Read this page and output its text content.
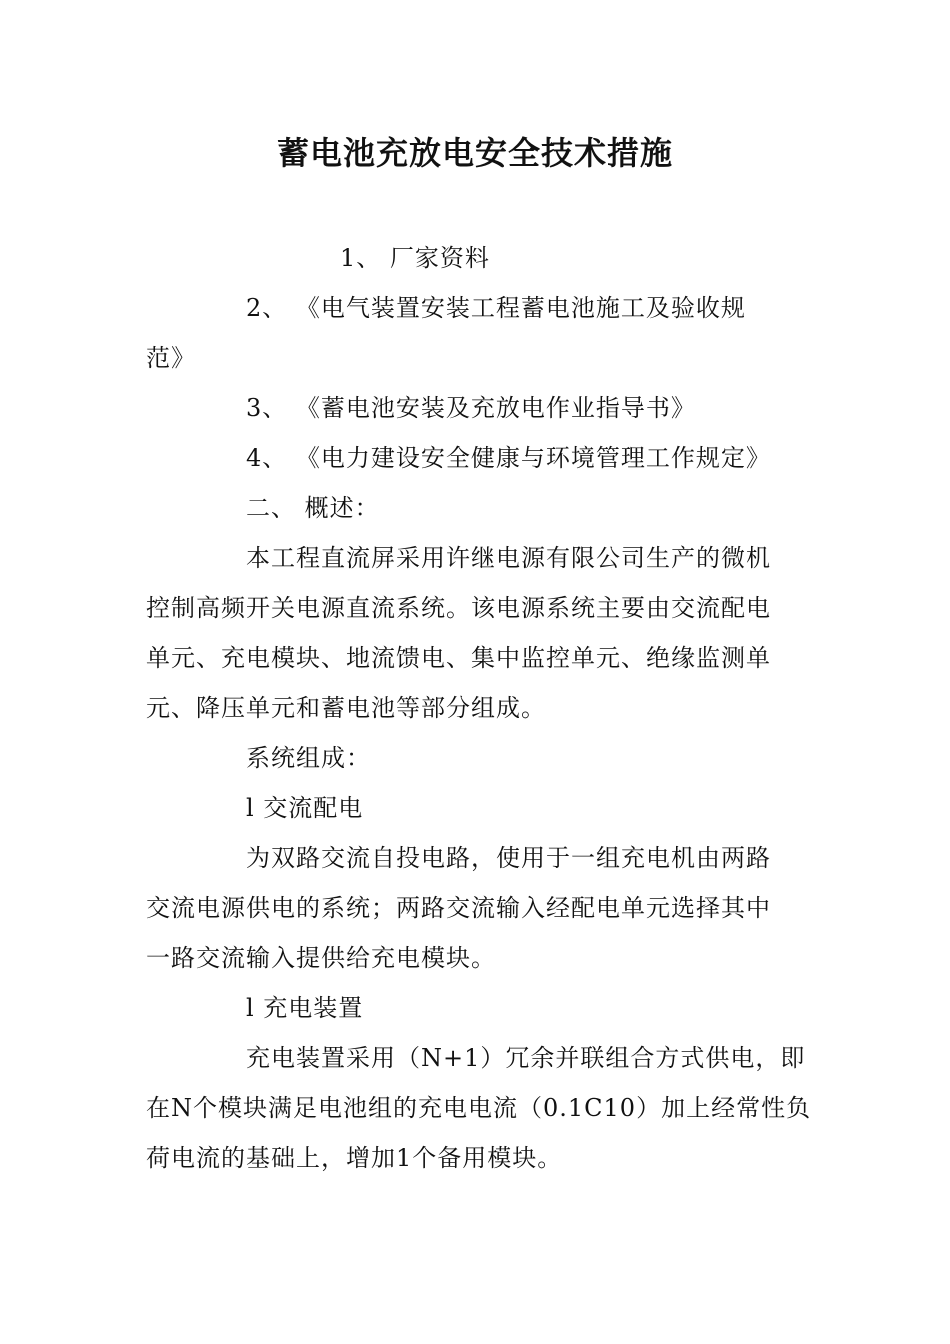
蓄电池充放电安全技术措施
1、 厂家资料
2、 《电气装置安装工程蓄电池施工及验收规
范》
3、 《蓄电池安装及充放电作业指导书》
4、 《电力建设安全健康与环境管理工作规定》
二、 概述：
本工程直流屏采用许继电源有限公司生产的微机
控制高频开关电源直流系统。该电源系统主要由交流配电
单元、充电模块、地流馈电、集中监控单元、绝缘监测单
元、降压单元和蓄电池等部分组成。
系统组成：
l 交流配电
为双路交流自投电路，使用于一组充电机由两路
交流电源供电的系统；两路交流输入经配电单元选择其中
一路交流输入提供给充电模块。
l 充电装置
充电装置采用（N+1）冗余并联组合方式供电，即
在N个模块满足电池组的充电电流（0.1C10）加上经常性负
荷电流的基础上，增加1个备用模块。
